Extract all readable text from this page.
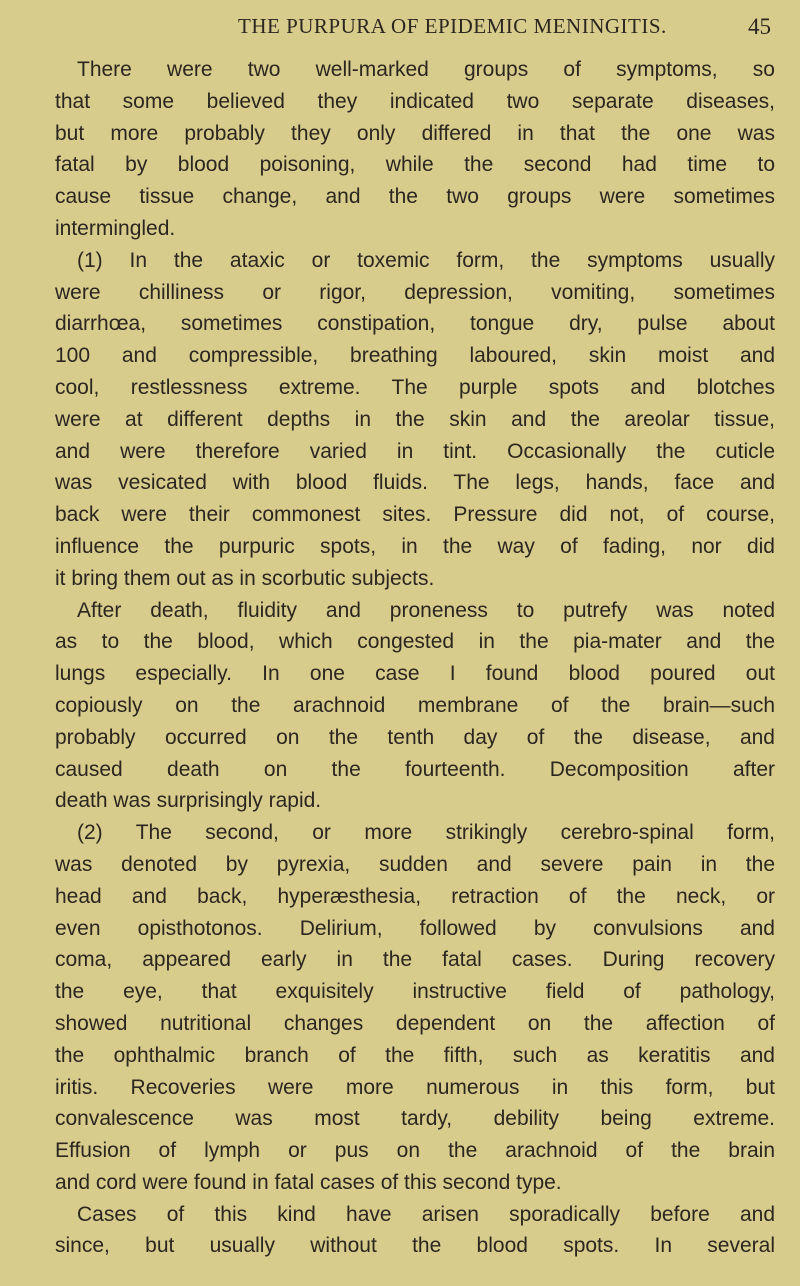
THE PURPURA OF EPIDEMIC MENINGITIS.	45
There were two well-marked groups of symptoms, so
that some believed they indicated two separate diseases,
but more probably they only differed in that the one was
fatal by blood poisoning, while the second had time to
cause tissue change, and the two groups were sometimes
intermingled.
(1) In the ataxic or toxemic form, the symptoms usually
were chilliness or rigor, depression, vomiting, sometimes
diarrhœa, sometimes constipation, tongue dry, pulse about
100 and compressible, breathing laboured, skin moist and
cool, restlessness extreme. The purple spots and blotches
were at different depths in the skin and the areolar tissue,
and were therefore varied in tint. Occasionally the cuticle
was vesicated with blood fluids. The legs, hands, face and
back were their commonest sites. Pressure did not, of course,
influence the purpuric spots, in the way of fading, nor did
it bring them out as in scorbutic subjects.
After death, fluidity and proneness to putrefy was noted
as to the blood, which congested in the pia-mater and the
lungs especially. In one case I found blood poured out
copiously on the arachnoid membrane of the brain—such
probably occurred on the tenth day of the disease, and
caused death on the fourteenth. Decomposition after
death was surprisingly rapid.
(2) The second, or more strikingly cerebro-spinal form,
was denoted by pyrexia, sudden and severe pain in the
head and back, hyperæsthesia, retraction of the neck, or
even opisthotonos. Delirium, followed by convulsions and
coma, appeared early in the fatal cases. During recovery
the eye, that exquisitely instructive field of pathology,
showed nutritional changes dependent on the affection of
the ophthalmic branch of the fifth, such as keratitis and
iritis. Recoveries were more numerous in this form, but
convalescence was most tardy, debility being extreme.
Effusion of lymph or pus on the arachnoid of the brain
and cord were found in fatal cases of this second type.
Cases of this kind have arisen sporadically before and
since, but usually without the blood spots. In several
